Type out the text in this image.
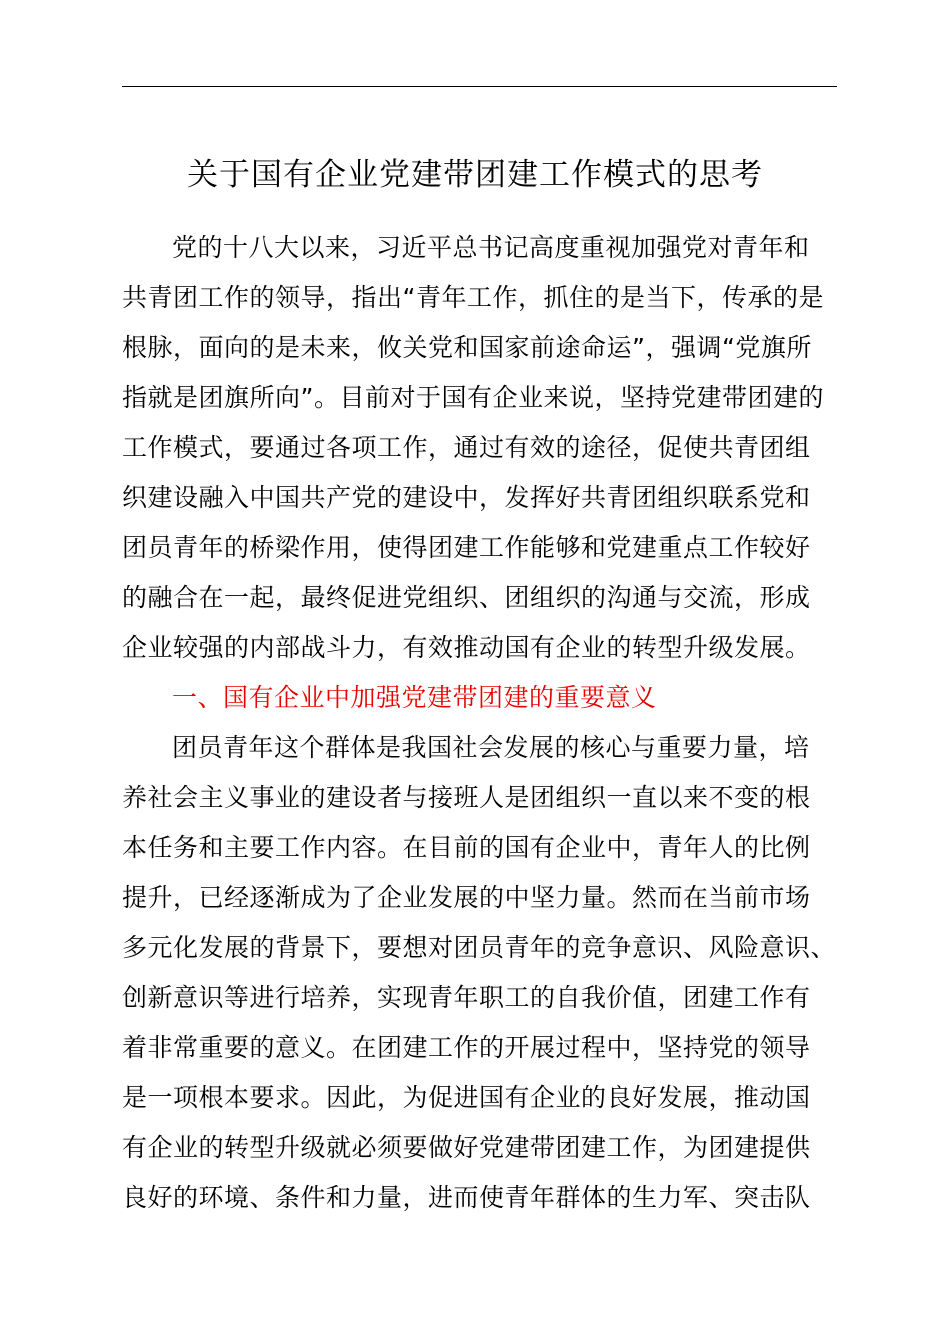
关于国有企业党建带团建工作模式的思考
党的十八大以来，习近平总书记高度重视加强党对青年和
共青团工作的领导，指出“青年工作，抓住的是当下，传承的是
根脉，面向的是未来，攸关党和国家前途命运”，强调“党旗所
指就是团旗所向”。目前对于国有企业来说，坚持党建带团建的
工作模式，要通过各项工作，通过有效的途径，促使共青团组
织建设融入中国共产党的建设中，发挥好共青团组织联系党和
团员青年的桥梁作用，使得团建工作能够和党建重点工作较好
的融合在一起，最终促进党组织、团组织的沟通与交流，形成
企业较强的内部战斗力，有效推动国有企业的转型升级发展。
一、国有企业中加强党建带团建的重要意义
团员青年这个群体是我国社会发展的核心与重要力量，培
养社会主义事业的建设者与接班人是团组织一直以来不变的根
本任务和主要工作内容。在目前的国有企业中，青年人的比例
提升，已经逐渐成为了企业发展的中坚力量。然而在当前市场
多元化发展的背景下，要想对团员青年的竞争意识、风险意识、
创新意识等进行培养，实现青年职工的自我价值，团建工作有
着非常重要的意义。在团建工作的开展过程中，坚持党的领导
是一项根本要求。因此，为促进国有企业的良好发展，推动国
有企业的转型升级就必须要做好党建带团建工作，为团建提供
良好的环境、条件和力量，进而使青年群体的生力军、突击队
